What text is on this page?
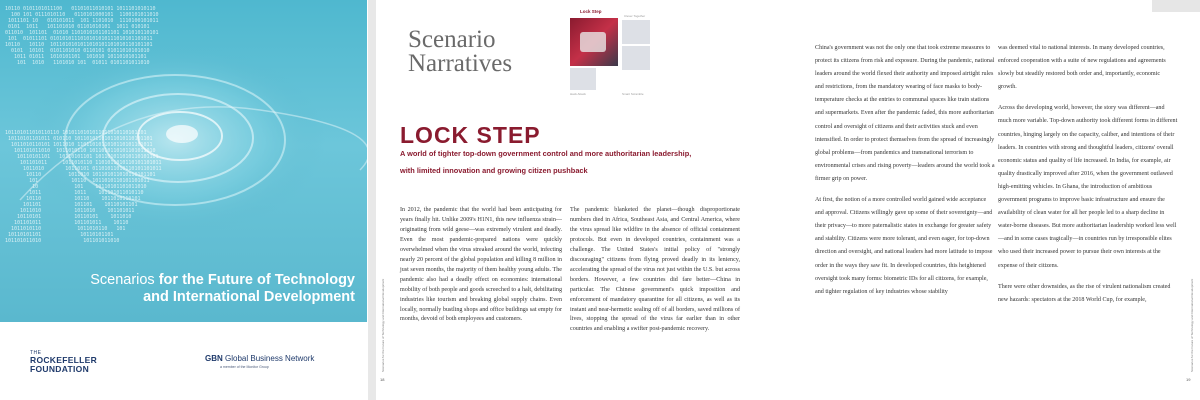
10110 0101101011100   01101011010101 1011101010110
100 101 0111010110   0110101000101  1100101011010
1011101 10   010101011  101 1101010  1110100101011
0101  1011   101101010 01101010101  1011 010101
011010  101101  01010 1101010101101101 101010110101
101  01011101 0101010111010101010111010101101011
10110   10110  1011010101011010101101010110101101
0101  10101  0101101010 0110101 01011010101010
1011 01011  1010101101  101010 1011010101101
101  1010   1101010 101  01011 0101101011010
101101011010110110 1010110101011011010110101101
10110101101011 010110 10110101101011010110101101
1011010110101 1011010 1101101011010110101101011
101101011010  1011010110 1011010110101101011010
10110101101   10110101101 101101011010110101101
101101011     1011010110 1101011010110101101011
1011010       10110101 01101011010110101101011
10110         1011010 101101011010110101101
101           10110  1011010110101101011
10            101    10110101101011010
1011           1011    101101011010110
10110           10110    1011010110101
101101           101101    10110101101
1011010           1011010    101101011
10110101           10110101    1011010
101101011           101101011    10110
1011010110            1011010110   101
10110101101             10110101101
101101011010              101101011010
Scenarios for the Future of Technology
and International Development
THE
ROCKEFELLER
FOUNDATION
GBN Global Business Network
a member of the Monitor Group
Scenario
Narratives
Lock Step
Clever Together
Hack Attack	Smart Scramble
LOCK STEP
A world of tighter top-down government control and more authoritarian leadership, with limited innovation and growing citizen pushback

In 2012, the pandemic that the world had been anticipating for years finally hit. Unlike 2009's H1N1, this new influenza strain—originating from wild geese—was extremely virulent and deadly. Even the most pandemic-prepared nations were quickly overwhelmed when the virus streaked around the world, infecting nearly 20 percent of the global population and killing 8 million in just seven months, the majority of them healthy young adults. The pandemic also had a deadly effect on economies: international mobility of both people and goods screeched to a halt, debilitating industries like tourism and breaking global supply chains. Even locally, normally bustling shops and office buildings sat empty for months, devoid of both employees and customers.

The pandemic blanketed the planet—though disproportionate numbers died in Africa, Southeast Asia, and Central America, where the virus spread like wildfire in the absence of official containment protocols. But even in developed countries, containment was a challenge. The United States's initial policy of "strongly discouraging" citizens from flying proved deadly in its leniency, accelerating the spread of the virus not just within the U.S. but across borders. However, a few countries did fare better—China in particular. The Chinese government's quick imposition and enforcement of mandatory quarantine for all citizens, as well as its instant and near-hermetic sealing off of all borders, saved millions of lives, stopping the spread of the virus far earlier than in other countries and enabling a swifter post-pandemic recovery.

Scenarios for the Future of Technology and International Development
18

China's government was not the only one that took extreme measures to protect its citizens from risk and exposure. During the pandemic, national leaders around the world flexed their authority and imposed airtight rules and restrictions, from the mandatory wearing of face masks to body-temperature checks at the entries to communal spaces like train stations and supermarkets. Even after the pandemic faded, this more authoritarian control and oversight of citizens and their activities stuck and even intensified. In order to protect themselves from the spread of increasingly global problems—from pandemics and transnational terrorism to environmental crises and rising poverty—leaders around the world took a firmer grip on power.

At first, the notion of a more controlled world gained wide acceptance and approval. Citizens willingly gave up some of their sovereignty—and their privacy—to more paternalistic states in exchange for greater safety and stability. Citizens were more tolerant, and even eager, for top-down direction and oversight, and national leaders had more latitude to impose order in the ways they saw fit. In developed countries, this heightened oversight took many forms: biometric IDs for all citizens, for example, and tighter regulation of key industries whose stability

was deemed vital to national interests. In many developed countries, enforced cooperation with a suite of new regulations and agreements slowly but steadily restored both order and, importantly, economic growth.

Across the developing world, however, the story was different—and much more variable. Top-down authority took different forms in different countries, hinging largely on the capacity, caliber, and intentions of their leaders. In countries with strong and thoughtful leaders, citizens' overall economic status and quality of life increased. In India, for example, air quality drastically improved after 2016, when the government outlawed high-emitting vehicles. In Ghana, the introduction of ambitious government programs to improve basic infrastructure and ensure the availability of clean water for all her people led to a sharp decline in water-borne diseases. But more authoritarian leadership worked less well—and in some cases tragically—in countries run by irresponsible elites who used their increased power to pursue their own interests at the expense of their citizens.

There were other downsides, as the rise of virulent nationalism created new hazards: spectators at the 2018 World Cup, for example,	Scenarios for the Future of Technology and International Development
19
